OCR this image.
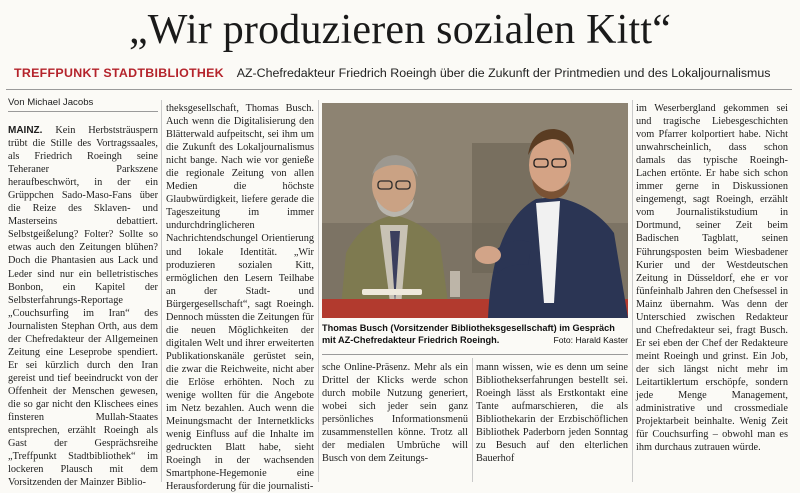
„Wir produzieren sozialen Kitt“
TREFFPUNKT STADTBIBLIOTHEK AZ-Chefredakteur Friedrich Roeingh über die Zukunft der Printmedien und des Lokaljournalismus
Von Michael Jacobs

MAINZ. Kein Herbststräuspern trübt die Stille des Vortragssaales, als Friedrich Roeingh seine Teheraner Parkszene heraufbeschwört, in der ein Grüppchen Sado-Maso-Fans über die Reize des Sklaven- und Masterseins debattiert. Selbstgeißelung? Folter? Sollte so etwas auch den Zeitungen blühen? Doch die Phantasien aus Lack und Leder sind nur ein belletristisches Bonbon, ein Kapitel der Selbsterfahrungs-Reportage „Couchsurfing im Iran“ des Journalisten Stephan Orth, aus dem der Chefredakteur der Allgemeinen Zeitung eine Leseprobe spendiert. Er sei kürzlich durch den Iran gereist und tief beeindruckt von der Offenheit der Menschen gewesen, die so gar nicht den Klischees eines finsteren Mullah-Staates entsprechen, erzählt Roeingh als Gast der Gesprächsreihe „Treffpunkt Stadtbibliothek“ im lockeren Plausch mit dem Vorsitzenden der Mainzer Biblio-

theksgesellschaft, Thomas Busch. Auch wenn die Digitalisierung den Blätterwald aufpeitscht, sei ihm um die Zukunft des Lokaljournalismus nicht bange. Nach wie vor genieße die regionale Zeitung von allen Medien die höchste Glaubwürdigkeit, liefere gerade die Tageszeitung im immer undurchdringlicheren Nachrichtendschungel Orientierung und lokale Identität. „Wir produzieren sozialen Kitt, ermöglichen den Lesern Teilhabe an der Stadt- und Bürgergesellschaft“, sagt Roeingh. Dennoch müssten die Zeitungen für die neuen Möglichkeiten der digitalen Welt und ihrer erweiterten Publikationskanäle gerüstet sein, die zwar die Reichweite, nicht aber die Erlöse erhöhten. Noch zu wenige wollten für die Angebote im Netz bezahlen. Auch wenn die Meinungsmacht der Internetklicks wenig Einfluss auf die Inhalte im gedruckten Blatt habe, sieht Roeingh in der wachsenden Smartphone-Hegemonie eine Herausforderung für die journalisti-

Thomas Busch (Vorsitzender Bibliotheksgesellschaft) im Gespräch mit AZ-Chefredakteur Friedrich Roeingh.	Foto: Harald Kaster

sche Online-Präsenz. Mehr als ein Drittel der Klicks werde schon durch mobile Nutzung generiert, wobei sich jeder sein ganz persönliches Informationsmenü zusammenstellen könne. Trotz all der medialen Umbrüche will Busch von dem Zeitungs-

mann wissen, wie es denn um seine Bibliothekserfahrungen bestellt sei. Roeingh lässt als Erstkontakt eine Tante aufmarschieren, die als Bibliothekarin der Erzbischöflichen Bibliothek Paderborn jeden Sonntag zu Besuch auf den elterlichen Bauerhof

im Weserbergland gekommen sei und tragische Liebesgeschichten vom Pfarrer kolportiert habe. Nicht unwahrscheinlich, dass schon damals das typische Roeingh-Lachen ertönte. Er habe sich schon immer gerne in Diskussionen eingemengt, sagt Roeingh, erzählt vom Journalistikstudium in Dortmund, seiner Zeit beim Badischen Tagblatt, seinen Führungsposten beim Wiesbadener Kurier und der Westdeutschen Zeitung in Düsseldorf, ehe er vor fünfeinhalb Jahren den Chefsessel in Mainz übernahm. Was denn der Unterschied zwischen Redakteur und Chefredakteur sei, fragt Busch. Er sei eben der Chef der Redakteure meint Roeingh und grinst. Ein Job, der sich längst nicht mehr im Leitartiklertum erschöpfe, sondern jede Menge Management, administrative und crossmediale Projektarbeit beinhalte. Wenig Zeit für Couchsurfing – obwohl man es ihm durchaus zutrauen würde.
